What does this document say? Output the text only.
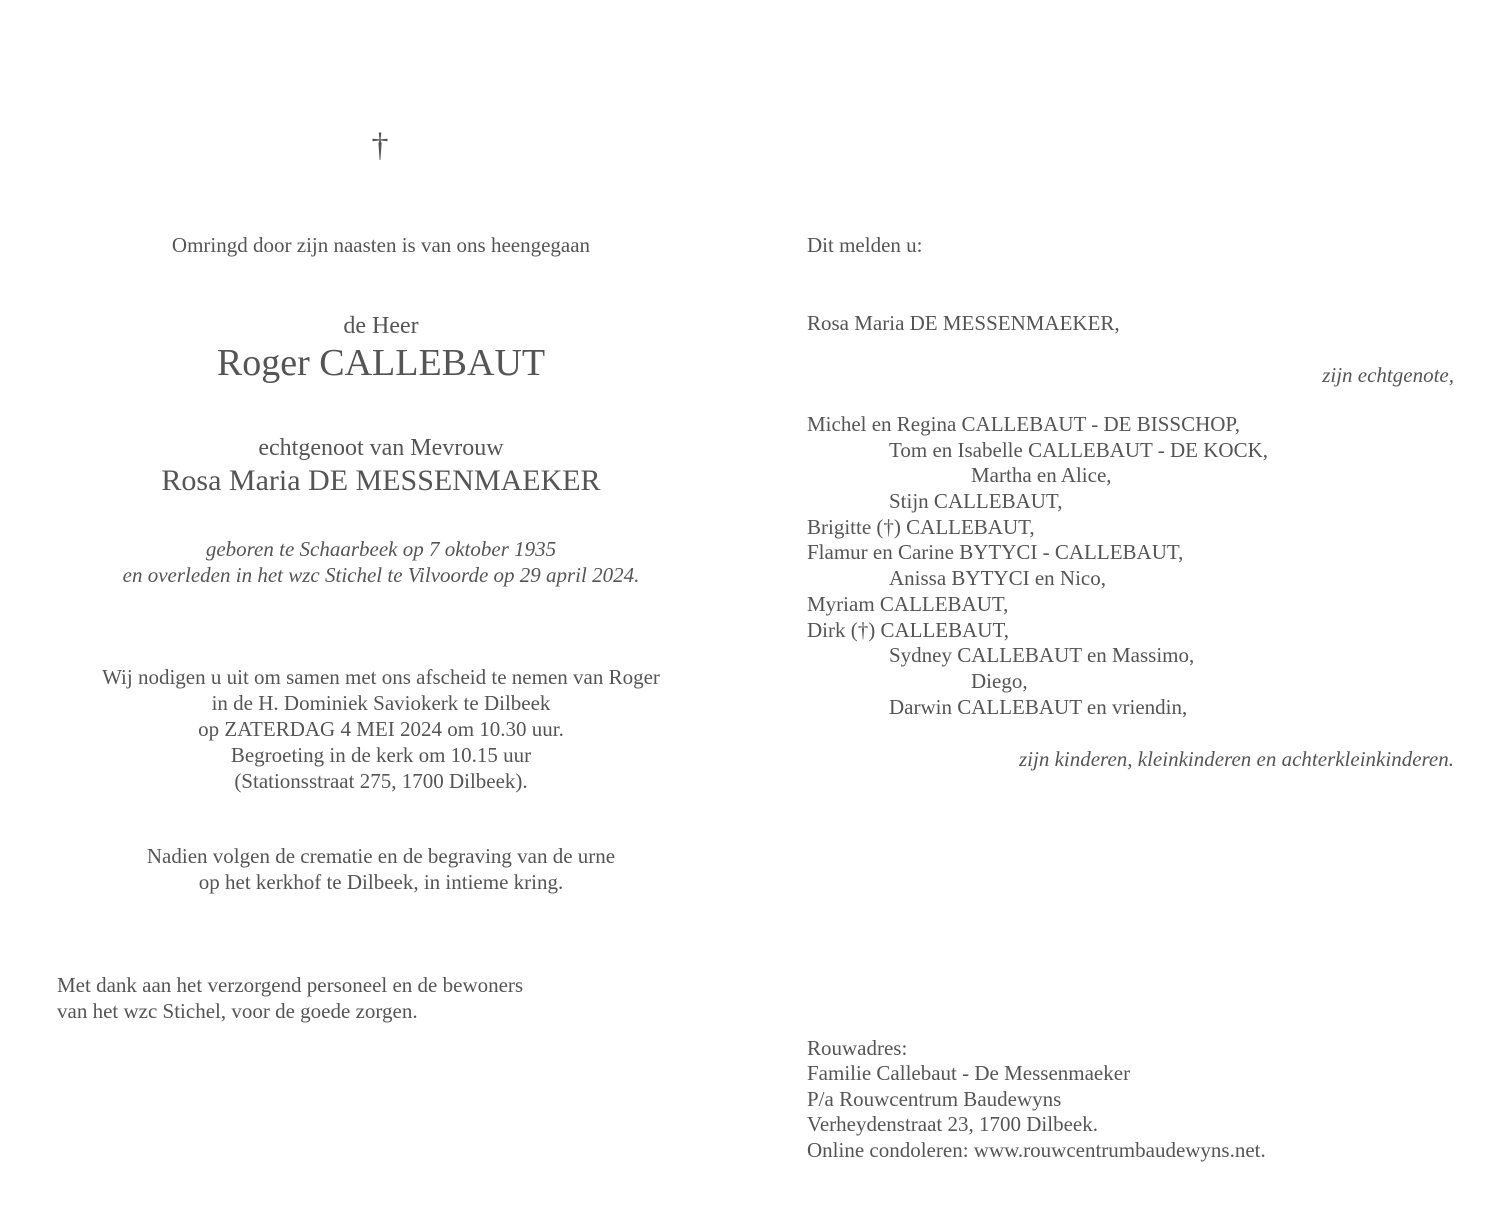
†
Omringd door zijn naasten is van ons heengegaan
de Heer
Roger CALLEBAUT
echtgenoot van Mevrouw
Rosa Maria DE MESSENMAEKER
geboren te Schaarbeek op 7 oktober 1935
en overleden in het wzc Stichel te Vilvoorde op 29 april 2024.
Wij nodigen u uit om samen met ons afscheid te nemen van Roger
in de H. Dominiek Saviokerk te Dilbeek
op ZATERDAG 4 MEI 2024 om 10.30 uur.
Begroeting in de kerk om 10.15 uur
(Stationsstraat 275, 1700 Dilbeek).
Nadien volgen de crematie en de begraving van de urne
op het kerkhof te Dilbeek, in intieme kring.
Met dank aan het verzorgend personeel en de bewoners
van het wzc Stichel, voor de goede zorgen.
Dit melden u:
Rosa Maria DE MESSENMAEKER,
zijn echtgenote,
Michel en Regina CALLEBAUT - DE BISSCHOP,
Tom en Isabelle CALLEBAUT - DE KOCK,
Martha en Alice,
Stijn CALLEBAUT,
Brigitte (†) CALLEBAUT,
Flamur en Carine BYTYCI - CALLEBAUT,
Anissa BYTYCI en Nico,
Myriam CALLEBAUT,
Dirk (†) CALLEBAUT,
Sydney CALLEBAUT en Massimo,
Diego,
Darwin CALLEBAUT en vriendin,
zijn kinderen, kleinkinderen en achterkleinkinderen.
Rouwadres:
Familie Callebaut - De Messenmaeker
P/a Rouwcentrum Baudewyns
Verheydenstraat 23, 1700 Dilbeek.
Online condoleren: www.rouwcentrumbaudewyns.net.
